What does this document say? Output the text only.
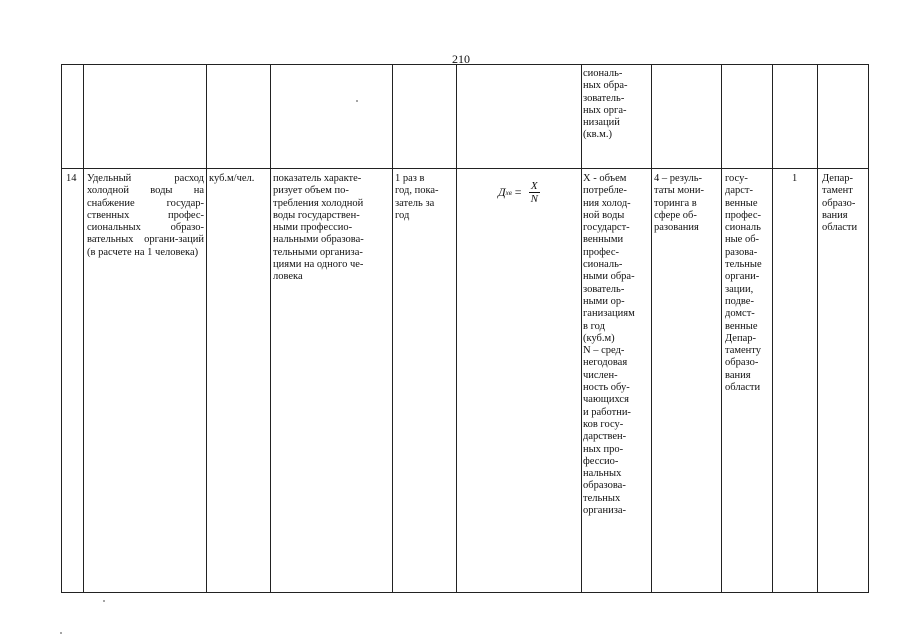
210
сиональ-
ных обра-
зователь-
ных орга-
низаций
(кв.м.)
14 Удельный расход холодной воды на снабжение государ-ственных профес-сиональных образо-вательных органи-заций (в расчете на 1 человека)
куб.м/чел. показатель характе-
ризует объем по-
требления холодной
воды государствен-
ными профессио-
нальными образова-
тельными организа-
циями на одного че-
ловека
1 раз в
год, пока-
затель за
год
Д хв = $\frac{X}{N}$
X - объем
потребле-
ния холод-
ной воды
государст-
венными
профес-
сиональ-
ными обра-
зователь-
ными ор-
ганизациям
в год
(куб.м)
N – сред-
негодовая
числен-
ность обу-
чающихся
и работни-
ков госу-
дарствен-
ных про-
фессио-
нальных
образова-
тельных
организа-
4 – резуль-
таты мони-
торинга в
сфере об-
разования
госу-
дарст-
венные
профес-
сиональ
ные об-
разова-
тельные
органи-
зации,
подве-
домст-
венные
Депар-
таменту
образо-
вания
области
1 Депар-
тамент
образо-
вания
области
